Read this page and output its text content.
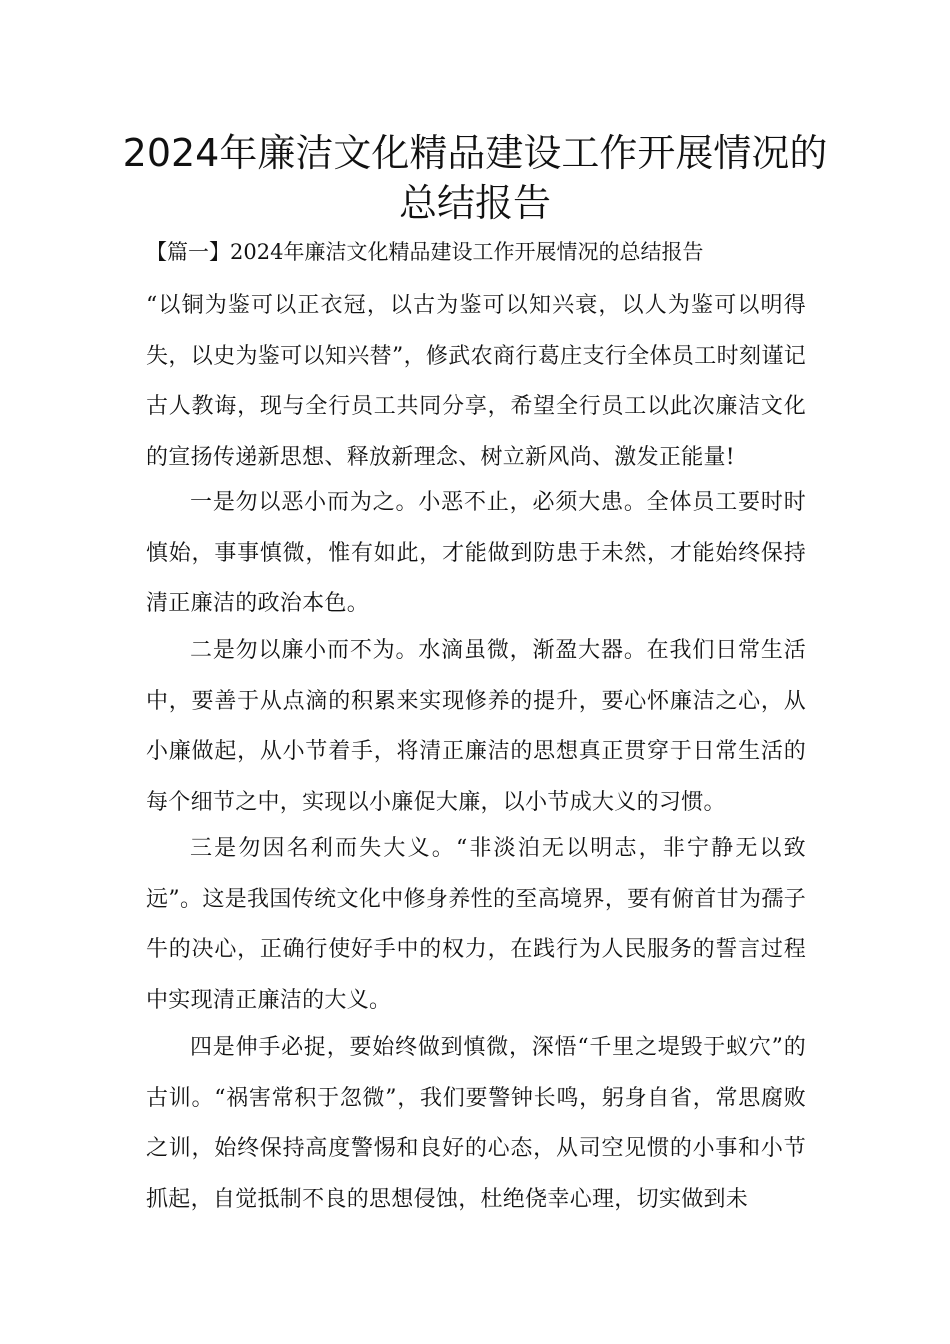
2024年廉洁文化精品建设工作开展情况的总结报告

【篇一】2024年廉洁文化精品建设工作开展情况的总结报告

“以铜为鉴可以正衣冠，以古为鉴可以知兴衰，以人为鉴可以明得失，以史为鉴可以知兴替”，修武农商行葛庄支行全体员工时刻谨记古人教诲，现与全行员工共同分享，希望全行员工以此次廉洁文化的宣扬传递新思想、释放新理念、树立新风尚、激发正能量!

一是勿以恶小而为之。小恶不止，必须大患。全体员工要时时慎始，事事慎微，惟有如此，才能做到防患于未然，才能始终保持清正廉洁的政治本色。

二是勿以廉小而不为。水滴虽微，渐盈大器。在我们日常生活中，要善于从点滴的积累来实现修养的提升，要心怀廉洁之心，从小廉做起，从小节着手，将清正廉洁的思想真正贯穿于日常生活的每个细节之中，实现以小廉促大廉，以小节成大义的习惯。

三是勿因名利而失大义。“非淡泊无以明志，非宁静无以致远”。这是我国传统文化中修身养性的至高境界，要有俯首甘为孺子牛的决心，正确行使好手中的权力，在践行为人民服务的誓言过程中实现清正廉洁的大义。

四是伸手必捉，要始终做到慎微，深悟“千里之堤毁于蚁穴”的古训。“祸害常积于忽微”，我们要警钟长鸣，躬身自省，常思腐败之训，始终保持高度警惕和良好的心态，从司空见惯的小事和小节抓起，自觉抵制不良的思想侵蚀，杜绝侥幸心理，切实做到未
